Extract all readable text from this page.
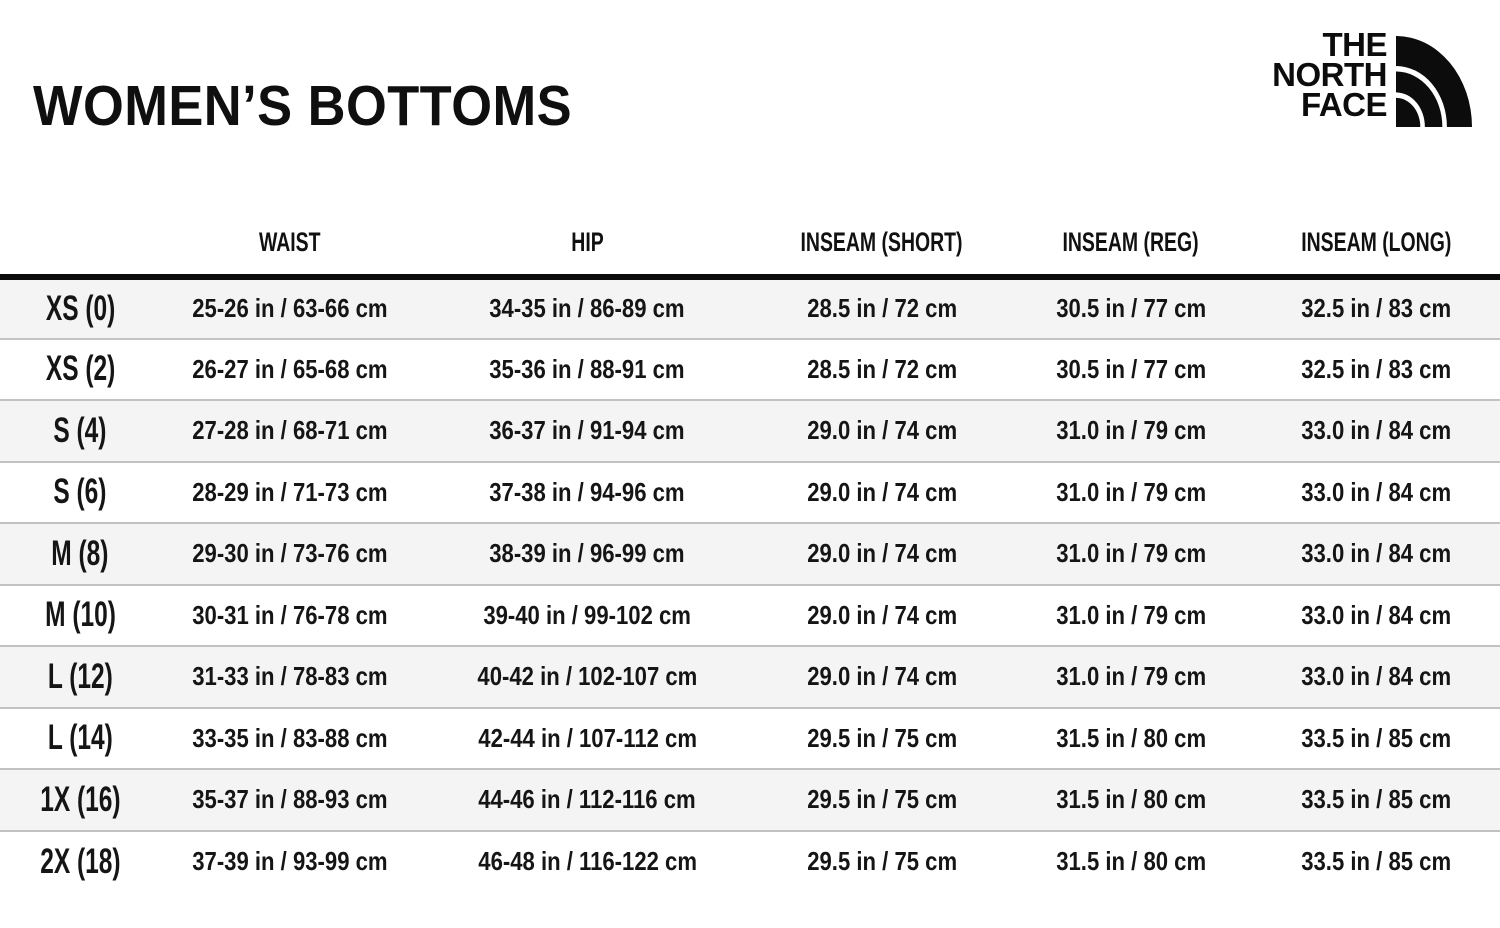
WOMEN’S BOTTOMS
THE
NORTH
FACE
	WAIST	HIP	INSEAM (SHORT)	INSEAM (REG)	INSEAM (LONG)
XS (0)	25-26 in / 63-66 cm	34-35 in / 86-89 cm	28.5 in / 72 cm	30.5 in / 77 cm	32.5 in / 83 cm
XS (2)	26-27 in / 65-68 cm	35-36 in / 88-91 cm	28.5 in / 72 cm	30.5 in / 77 cm	32.5 in / 83 cm
S (4)	27-28 in / 68-71 cm	36-37 in / 91-94 cm	29.0 in / 74 cm	31.0 in / 79 cm	33.0 in / 84 cm
S (6)	28-29 in / 71-73 cm	37-38 in / 94-96 cm	29.0 in / 74 cm	31.0 in / 79 cm	33.0 in / 84 cm
M (8)	29-30 in / 73-76 cm	38-39 in / 96-99 cm	29.0 in / 74 cm	31.0 in / 79 cm	33.0 in / 84 cm
M (10)	30-31 in / 76-78 cm	39-40 in / 99-102 cm	29.0 in / 74 cm	31.0 in / 79 cm	33.0 in / 84 cm
L (12)	31-33 in / 78-83 cm	40-42 in / 102-107 cm	29.0 in / 74 cm	31.0 in / 79 cm	33.0 in / 84 cm
L (14)	33-35 in / 83-88 cm	42-44 in / 107-112 cm	29.5 in / 75 cm	31.5 in / 80 cm	33.5 in / 85 cm
1X (16)	35-37 in / 88-93 cm	44-46 in / 112-116 cm	29.5 in / 75 cm	31.5 in / 80 cm	33.5 in / 85 cm
2X (18)	37-39 in / 93-99 cm	46-48 in / 116-122 cm	29.5 in / 75 cm	31.5 in / 80 cm	33.5 in / 85 cm
